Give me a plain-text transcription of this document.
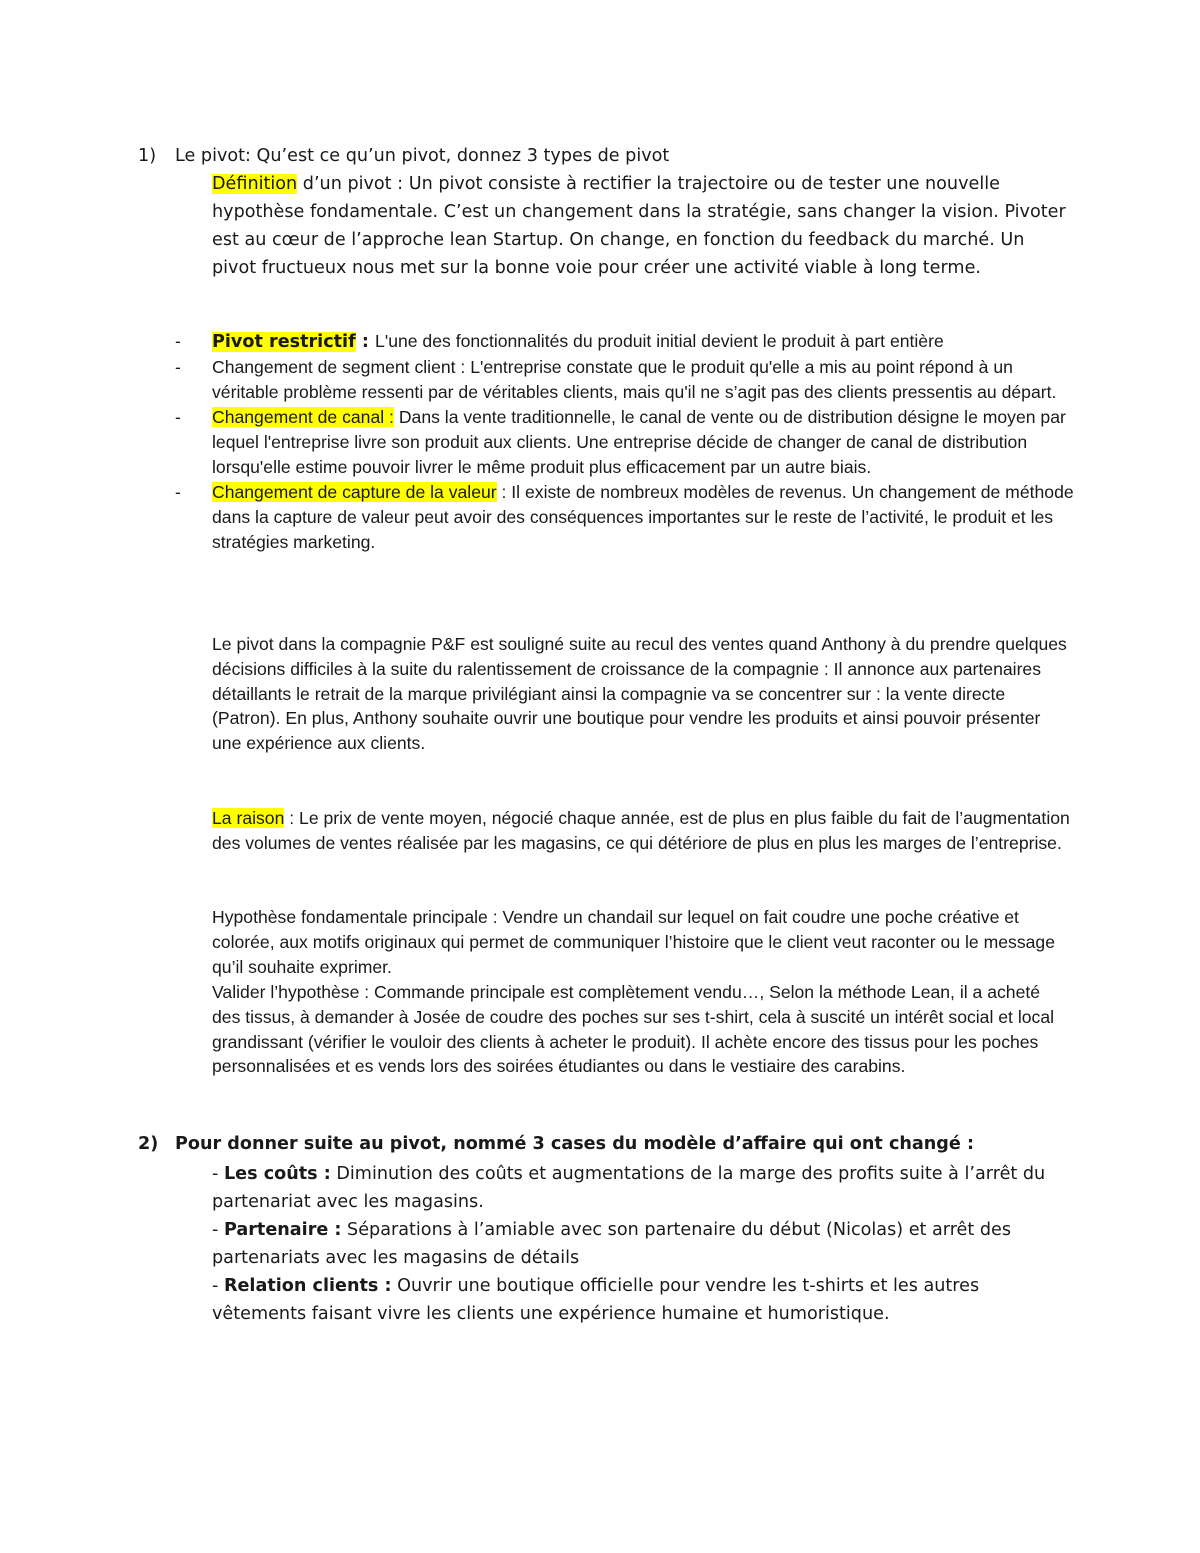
1)	Le pivot: Qu’est ce qu’un pivot, donnez 3 types de pivot
Définition d’un pivot : Un pivot consiste à rectifier la trajectoire ou de tester une nouvelle hypothèse fondamentale. C’est un changement dans la stratégie, sans changer la vision. Pivoter est au cœur de l’approche lean Startup. On change, en fonction du feedback du marché. Un pivot fructueux nous met sur la bonne voie pour créer une activité viable à long terme.
-	Pivot restrictif : L'une des fonctionnalités du produit initial devient le produit à part entière
-	Changement de segment client : L'entreprise constate que le produit qu'elle a mis au point répond à un véritable problème ressenti par de véritables clients, mais qu'il ne s’agit pas des clients pressentis au départ.
-	Changement de canal : Dans la vente traditionnelle, le canal de vente ou de distribution désigne le moyen par lequel l'entreprise livre son produit aux clients. Une entreprise décide de changer de canal de distribution lorsqu'elle estime pouvoir livrer le même produit plus efficacement par un autre biais.
-	Changement de capture de la valeur : Il existe de nombreux modèles de revenus. Un changement de méthode dans la capture de valeur peut avoir des conséquences importantes sur le reste de l’activité, le produit et les stratégies marketing.
Le pivot dans la compagnie P&F est souligné suite au recul des ventes quand Anthony à du prendre quelques décisions difficiles à la suite du ralentissement de croissance de la compagnie : Il annonce aux partenaires détaillants le retrait de la marque privilégiant ainsi la compagnie va se concentrer sur : la vente directe (Patron). En plus, Anthony souhaite ouvrir une boutique pour vendre les produits et ainsi pouvoir présenter une expérience aux clients.
La raison : Le prix de vente moyen, négocié chaque année, est de plus en plus faible du fait de l’augmentation des volumes de ventes réalisée par les magasins, ce qui détériore de plus en plus les marges de l’entreprise.
Hypothèse fondamentale principale : Vendre un chandail sur lequel on fait coudre une poche créative et colorée, aux motifs originaux qui permet de communiquer l’histoire que le client veut raconter ou le message qu’il souhaite exprimer.
Valider l’hypothèse : Commande principale est complètement vendu…, Selon la méthode Lean, il a acheté des tissus, à demander à Josée de coudre des poches sur ses t-shirt, cela à suscité un intérêt social et local grandissant (vérifier le vouloir des clients à acheter le produit). Il achète encore des tissus pour les poches personnalisées et es vends lors des soirées étudiantes ou dans le vestiaire des carabins.
2) Pour donner suite au pivot, nommé 3 cases du modèle d’affaire qui ont changé :
- Les coûts : Diminution des coûts et augmentations de la marge des profits suite à l’arrêt du partenariat avec les magasins.
- Partenaire : Séparations à l’amiable avec son partenaire du début (Nicolas) et arrêt des partenariats avec les magasins de détails
- Relation clients : Ouvrir une boutique officielle pour vendre les t-shirts et les autres vêtements faisant vivre les clients une expérience humaine et humoristique.
